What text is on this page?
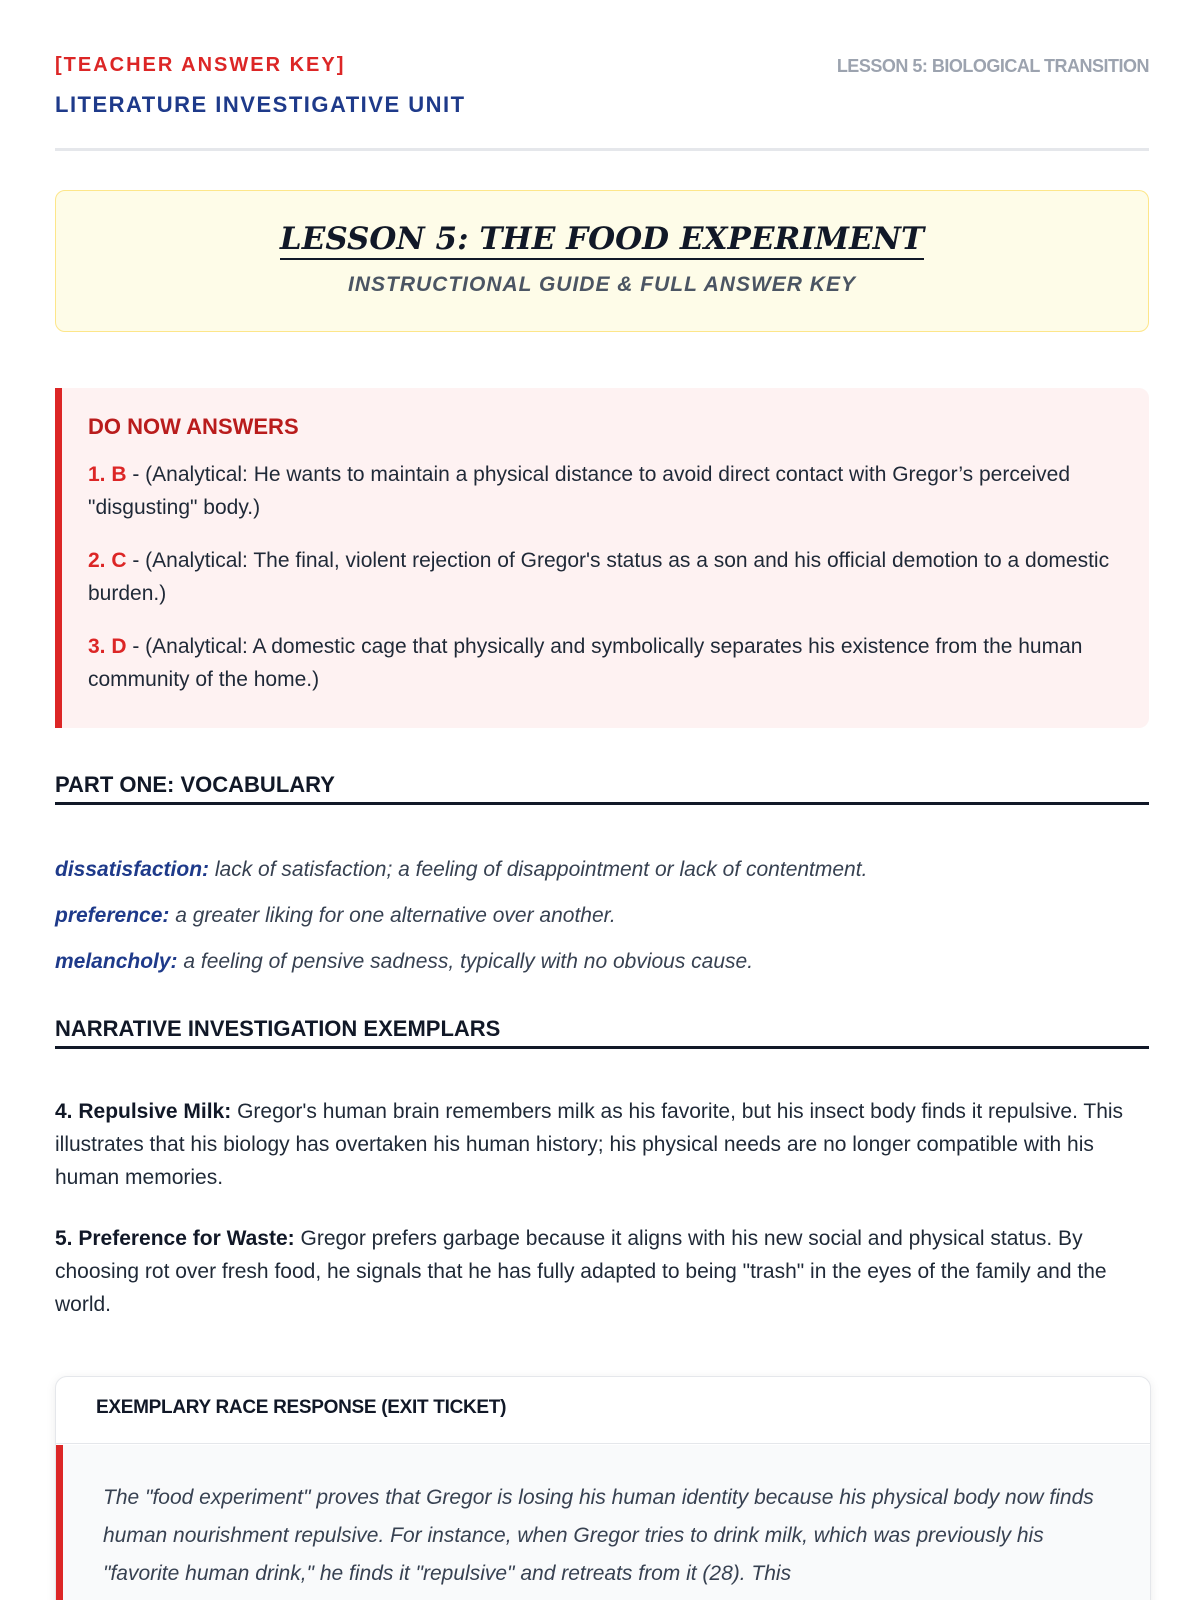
[TEACHER ANSWER KEY]
LITERATURE INVESTIGATIVE UNIT
LESSON 5: BIOLOGICAL TRANSITION
LESSON 5: THE FOOD EXPERIMENT
INSTRUCTIONAL GUIDE & FULL ANSWER KEY
DO NOW ANSWERS
1. B - (Analytical: He wants to maintain a physical distance to avoid direct contact with Gregor’s perceived "disgusting" body.)
2. C - (Analytical: The final, violent rejection of Gregor's status as a son and his official demotion to a domestic burden.)
3. D - (Analytical: A domestic cage that physically and symbolically separates his existence from the human community of the home.)
PART ONE: VOCABULARY
dissatisfaction: lack of satisfaction; a feeling of disappointment or lack of contentment.
preference: a greater liking for one alternative over another.
melancholy: a feeling of pensive sadness, typically with no obvious cause.
NARRATIVE INVESTIGATION EXEMPLARS
4. Repulsive Milk: Gregor's human brain remembers milk as his favorite, but his insect body finds it repulsive. This illustrates that his biology has overtaken his human history; his physical needs are no longer compatible with his human memories.
5. Preference for Waste: Gregor prefers garbage because it aligns with his new social and physical status. By choosing rot over fresh food, he signals that he has fully adapted to being "trash" in the eyes of the family and the world.
EXEMPLARY RACE RESPONSE (EXIT TICKET)
The "food experiment" proves that Gregor is losing his human identity because his physical body now finds human nourishment repulsive. For instance, when Gregor tries to drink milk, which was previously his "favorite human drink," he finds it "repulsive" and retreats from it (28). This
